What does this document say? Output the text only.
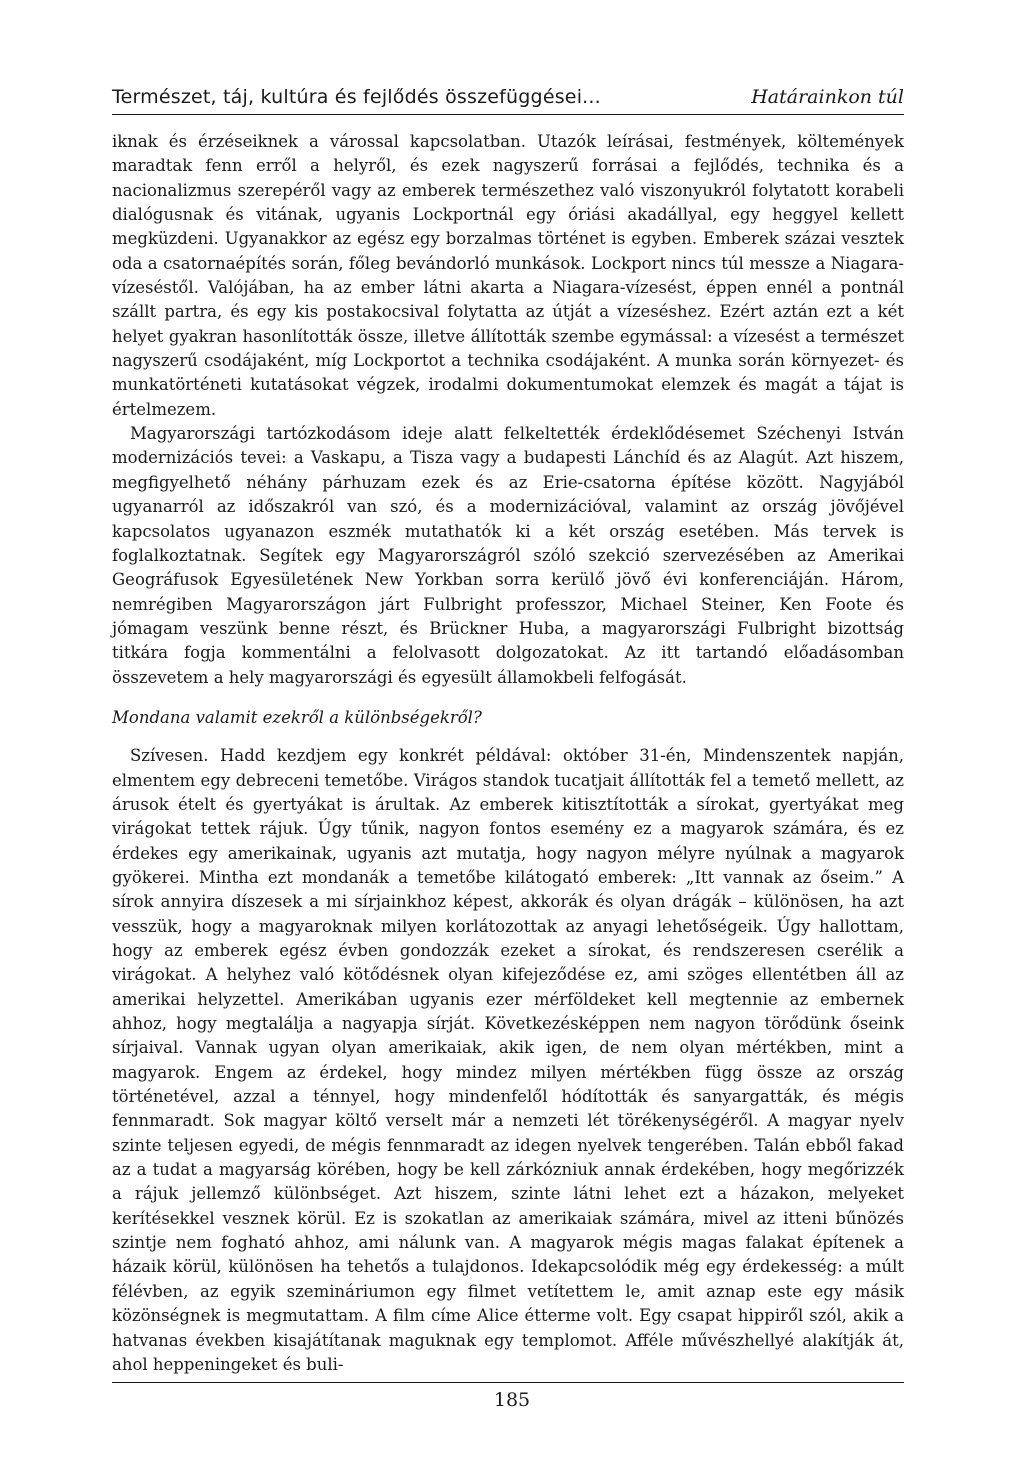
Természet, táj, kultúra és fejlődés összefüggései...	Határainkon túl

iknak és érzéseiknek a várossal kapcsolatban. Utazók leírásai, festmények, költemények maradtak fenn erről a helyről, és ezek nagyszerű forrásai a fejlődés, technika és a nacionalizmus szerepéről vagy az emberek természethez való viszonyukról folytatott korabeli dialógusnak és vitának, ugyanis Lockportnál egy óriási akadállyal, egy heggyel kellett megküzdeni. Ugyanakkor az egész egy borzalmas történet is egyben. Emberek százai vesztek oda a csatornaépítés során, főleg bevándorló munkások. Lockport nincs túl messze a Niagara-vízeséstől. Valójában, ha az ember látni akarta a Niagara-vízesést, éppen ennél a pontnál szállt partra, és egy kis postakocsival folytatta az útját a vízeséshez. Ezért aztán ezt a két helyet gyakran hasonlították össze, illetve állították szembe egymással: a vízesést a természet nagyszerű csodájaként, míg Lockportot a technika csodájaként. A munka során környezet- és munkatörténeti kutatásokat végzek, irodalmi dokumentumokat elemzek és magát a tájat is értelmezem.

Magyarországi tartózkodásom ideje alatt felkeltették érdeklődésemet Széchenyi István modernizációs tevei: a Vaskapu, a Tisza vagy a budapesti Lánchíd és az Alagút. Azt hiszem, megfigyelhető néhány párhuzam ezek és az Erie-csatorna építése között. Nagyjából ugyanarról az időszakról van szó, és a modernizációval, valamint az ország jövőjével kapcsolatos ugyanazon eszmék mutathatók ki a két ország esetében. Más tervek is foglalkoztatnak. Segítek egy Magyarországról szóló szekció szervezésében az Amerikai Geográfusok Egyesületének New Yorkban sorra kerülő jövő évi konferenciáján. Három, nemrégiben Magyarországon járt Fulbright professzor, Michael Steiner, Ken Foote és jómagam veszünk benne részt, és Brückner Huba, a magyarországi Fulbright bizottság titkára fogja kommentálni a felolvasott dolgozatokat. Az itt tartandó előadásomban összevetem a hely magyarországi és egyesült államokbeli felfogását.

Mondana valamit ezekről a különbségekről?

Szívesen. Hadd kezdjem egy konkrét példával: október 31-én, Mindenszentek napján, elmentem egy debreceni temetőbe. Virágos standok tucatjait állították fel a temető mellett, az árusok ételt és gyertyákat is árultak. Az emberek kitisztították a sírokat, gyertyákat meg virágokat tettek rájuk. Úgy tűnik, nagyon fontos esemény ez a magyarok számára, és ez érdekes egy amerikainak, ugyanis azt mutatja, hogy nagyon mélyre nyúlnak a magyarok gyökerei. Mintha ezt mondanák a temetőbe kilátogató emberek: „Itt vannak az őseim.” A sírok annyira díszesek a mi sírjainkhoz képest, akkorák és olyan drágák – különösen, ha azt vesszük, hogy a magyaroknak milyen korlátozottak az anyagi lehetőségeik. Úgy hallottam, hogy az emberek egész évben gondozzák ezeket a sírokat, és rendszeresen cserélik a virágokat. A helyhez való kötődésnek olyan kifejeződése ez, ami szöges ellentétben áll az amerikai helyzettel. Amerikában ugyanis ezer mérföldeket kell megtennie az embernek ahhoz, hogy megtalálja a nagyapja sírját. Következésképpen nem nagyon törődünk őseink sírjaival. Vannak ugyan olyan amerikaiak, akik igen, de nem olyan mértékben, mint a magyarok. Engem az érdekel, hogy mindez milyen mértékben függ össze az ország történetével, azzal a ténnyel, hogy mindenfelől hódították és sanyargatták, és mégis fennmaradt. Sok magyar költő verselt már a nemzeti lét törékenységéről. A magyar nyelv szinte teljesen egyedi, de mégis fennmaradt az idegen nyelvek tengerében. Talán ebből fakad az a tudat a magyarság körében, hogy be kell zárkózniuk annak érdekében, hogy megőrizzék a rájuk jellemző különbséget. Azt hiszem, szinte látni lehet ezt a házakon, melyeket kerítésekkel vesznek körül. Ez is szokatlan az amerikaiak számára, mivel az itteni bűnözés szintje nem fogható ahhoz, ami nálunk van. A magyarok mégis magas falakat építenek a házaik körül, különösen ha tehetős a tulajdonos. Idekapcsolódik még egy érdekesség: a múlt félévben, az egyik szemináriumon egy filmet vetítettem le, amit aznap este egy másik közönségnek is megmutattam. A film címe Alice étterme volt. Egy csapat hippiről szól, akik a hatvanas években kisajátítanak maguknak egy templomot. Afféle művészhellyé alakítják át, ahol heppeningeket és buli-

185
